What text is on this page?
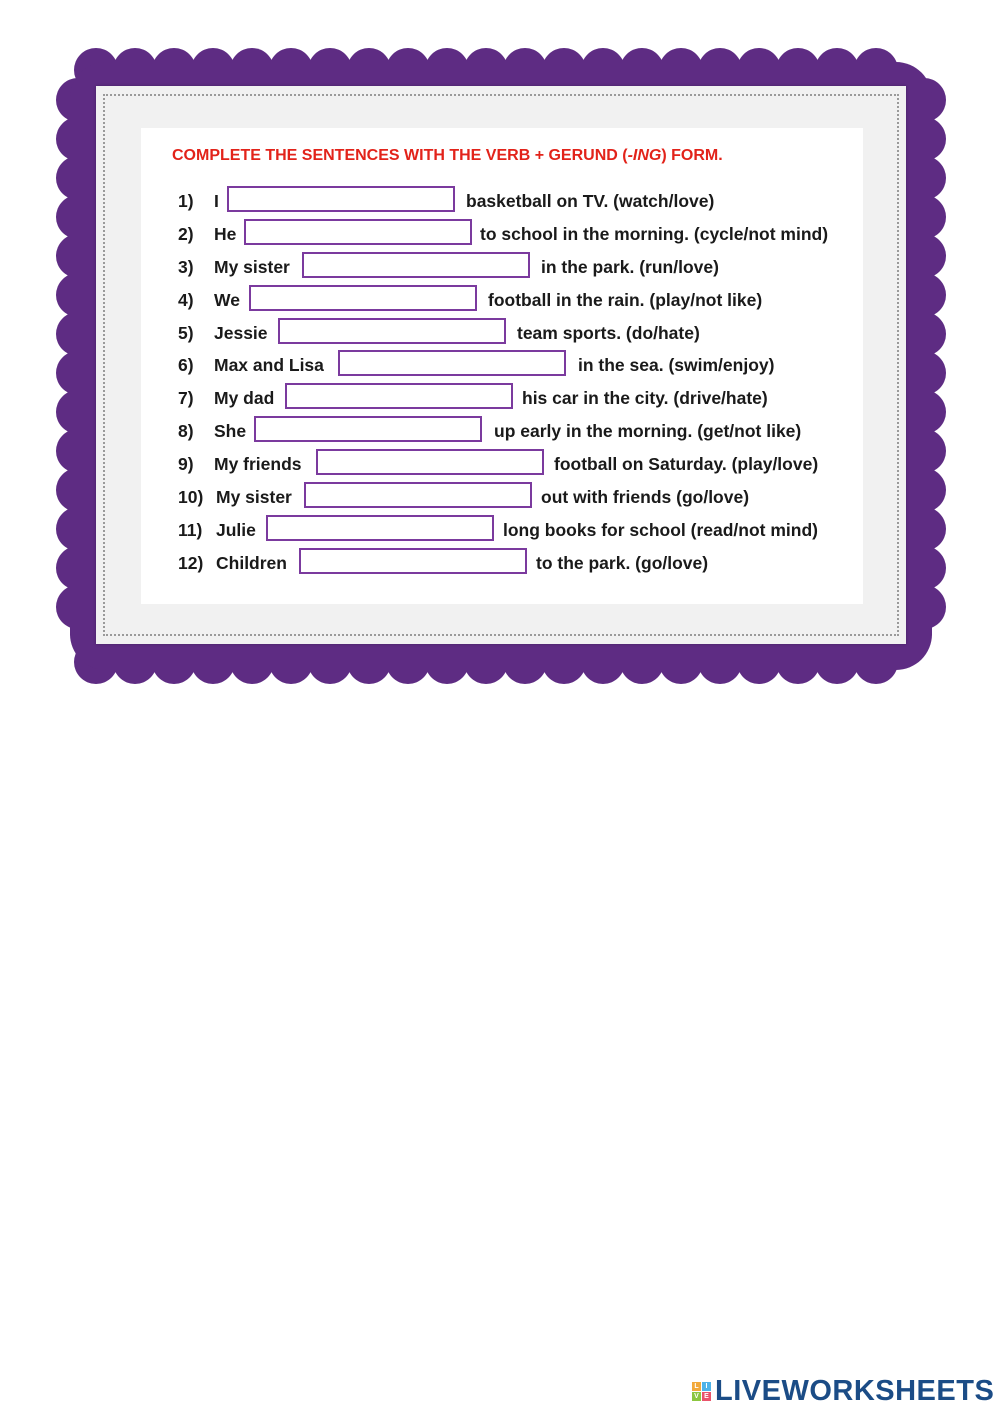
COMPLETE THE SENTENCES WITH THE VERB + GERUND (-ING) FORM.
1) I	basketball on TV. (watch/love)
2) He	to school in the morning. (cycle/not mind)
3) My sister	in the park. (run/love)
4) We	football in the rain. (play/not like)
5) Jessie	team sports. (do/hate)
6) Max and Lisa	in the sea. (swim/enjoy)
7) My dad	his car in the city. (drive/hate)
8) She	up early in the morning. (get/not like)
9) My friends	football on Saturday. (play/love)
10) My sister	out with friends (go/love)
11) Julie	long books for school (read/not mind)
12) Children	to the park. (go/love)
L I
V E LIVEWORKSHEETS
